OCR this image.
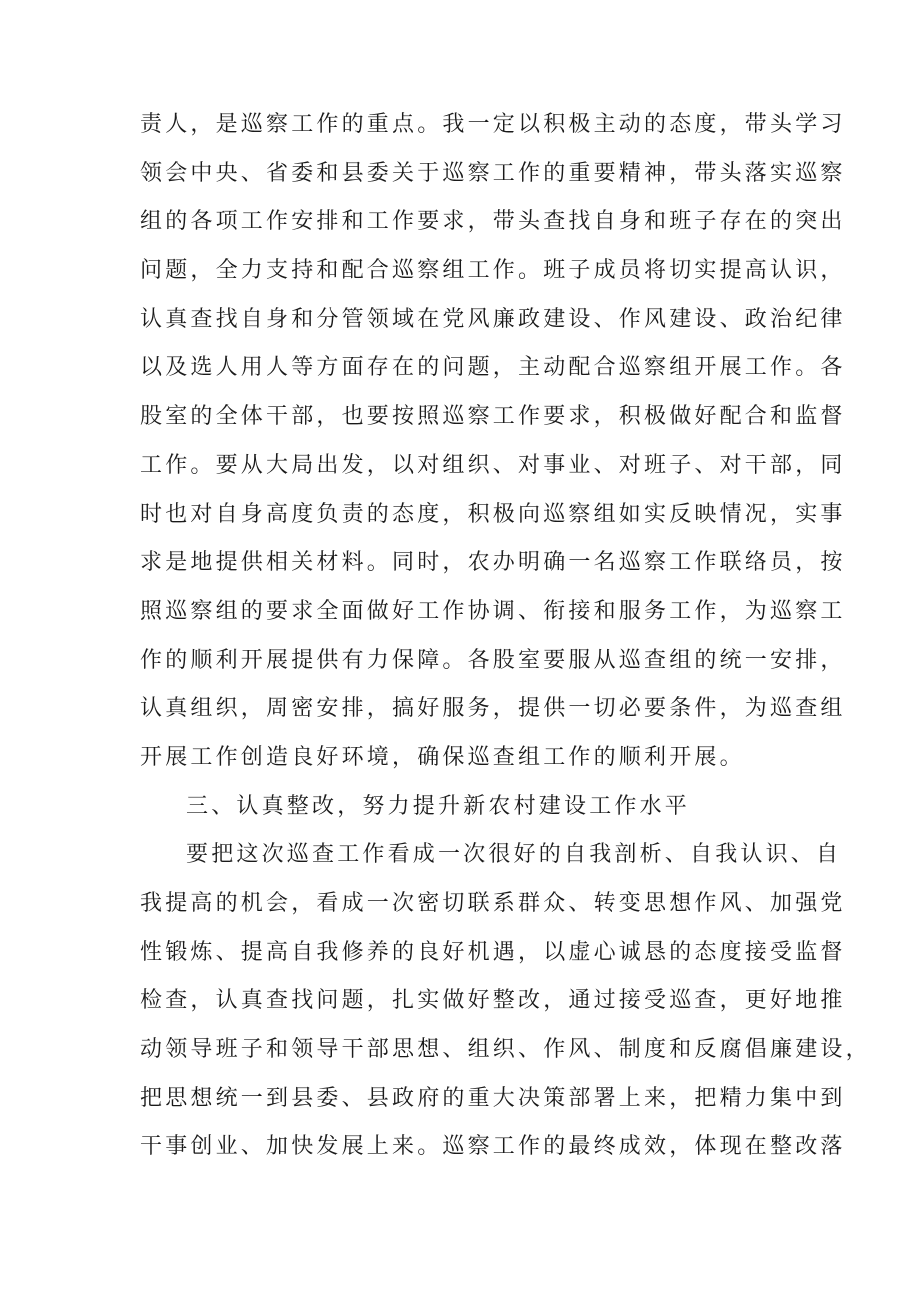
责人，是巡察工作的重点。我一定以积极主动的态度，带头学习
领会中央、省委和县委关于巡察工作的重要精神，带头落实巡察
组的各项工作安排和工作要求，带头查找自身和班子存在的突出
问题，全力支持和配合巡察组工作。班子成员将切实提高认识，
认真查找自身和分管领域在党风廉政建设、作风建设、政治纪律
以及选人用人等方面存在的问题，主动配合巡察组开展工作。各
股室的全体干部，也要按照巡察工作要求，积极做好配合和监督
工作。要从大局出发，以对组织、对事业、对班子、对干部，同
时也对自身高度负责的态度，积极向巡察组如实反映情况，实事
求是地提供相关材料。同时，农办明确一名巡察工作联络员，按
照巡察组的要求全面做好工作协调、衔接和服务工作，为巡察工
作的顺利开展提供有力保障。各股室要服从巡查组的统一安排，
认真组织，周密安排，搞好服务，提供一切必要条件，为巡查组
开展工作创造良好环境，确保巡查组工作的顺利开展。
三、认真整改，努力提升新农村建设工作水平
要把这次巡查工作看成一次很好的自我剖析、自我认识、自
我提高的机会，看成一次密切联系群众、转变思想作风、加强党
性锻炼、提高自我修养的良好机遇，以虚心诚恳的态度接受监督
检查，认真查找问题，扎实做好整改，通过接受巡查，更好地推
动领导班子和领导干部思想、组织、作风、制度和反腐倡廉建设，
把思想统一到县委、县政府的重大决策部署上来，把精力集中到
干事创业、加快发展上来。巡察工作的最终成效，体现在整改落
